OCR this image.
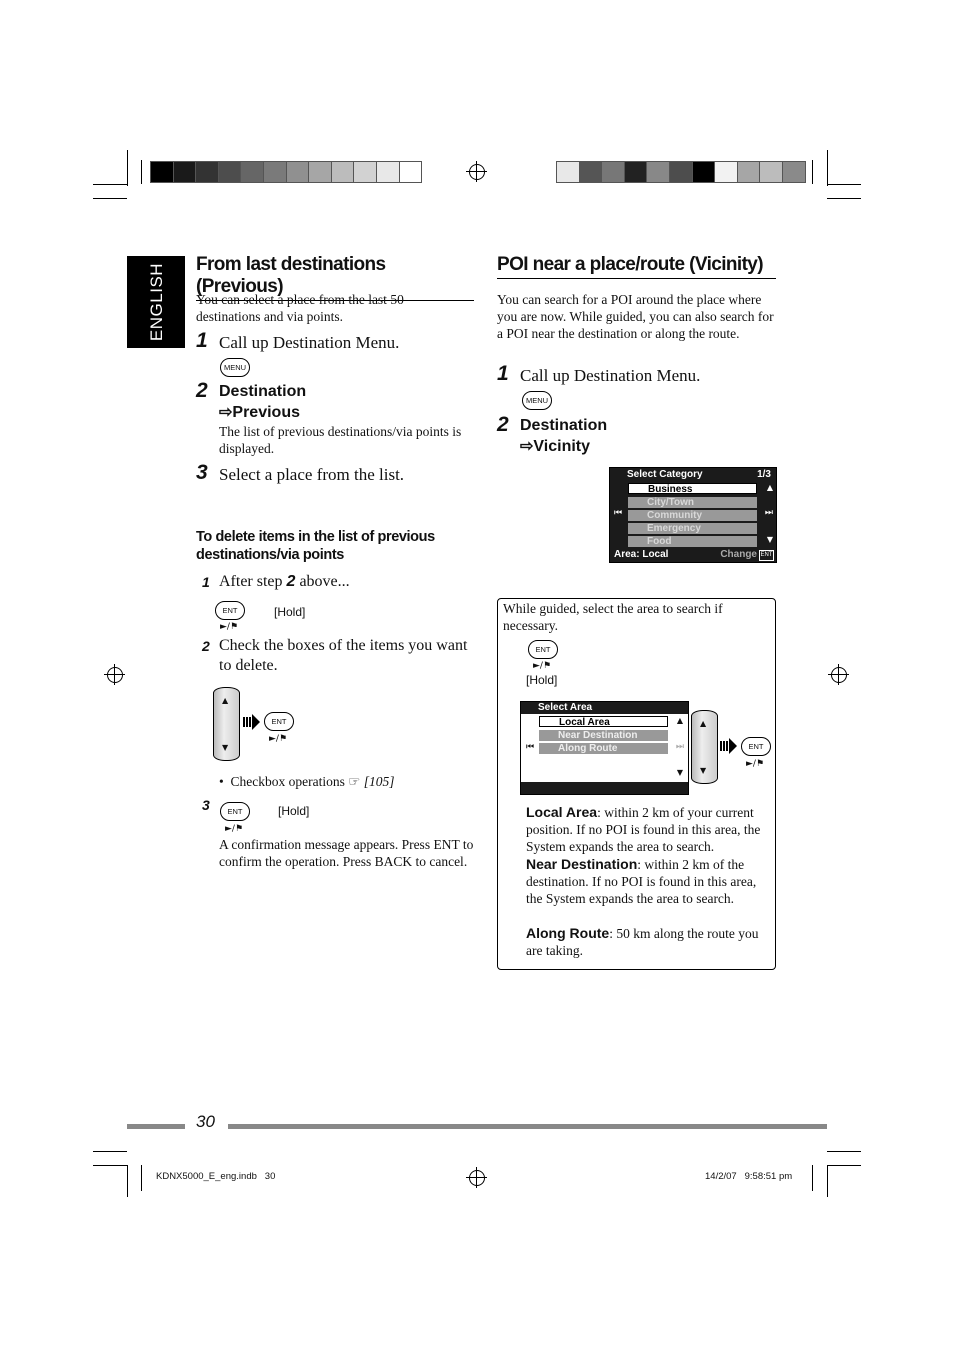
ENGLISH From last destinations (Previous)
You can select a place from the last 50 destinations and via points.
1 Call up Destination Menu.
MENU
2 Destination
⇨Previous
The list of previous destinations/via points is displayed.
3 Select a place from the list.
To delete items in the list of previous destinations/via points
1 After step 2 above...
ENT
►/⚑
[Hold]
2 Check the boxes of the items you want to delete.
▲
▼
ENT
►/⚑
•  Checkbox operations ☞ [105]
3	ENT
►/⚑
[Hold]
A confirmation message appears. Press ENT to confirm the operation. Press BACK to cancel.
POI near a place/route (Vicinity)
You can search for a POI around the place where you are now. While guided, you can also search for a POI near the destination or along the route.
1 Call up Destination Menu.
MENU
2 Destination
⇨Vicinity
Select Category	1/3
Business
City/Town
Community
Emergency
Food
▲
▼
⏮	⏭
Area: Local	Change ENT
While guided, select the area to search if necessary.
ENT
►/⚑
[Hold]
Select Area
Local Area
Near Destination
Along Route
▲
▼
⏮	⏭
▲
▼
ENT
►/⚑
Local Area: within 2 km of your current position. If no POI is found in this area, the System expands the area to search.
Near Destination: within 2 km of the destination. If no POI is found in this area, the System expands the area to search.
Along Route: 50 km along the route you are taking.
30
KDNX5000_E_eng.indb   30	14/2/07   9:58:51 pm
